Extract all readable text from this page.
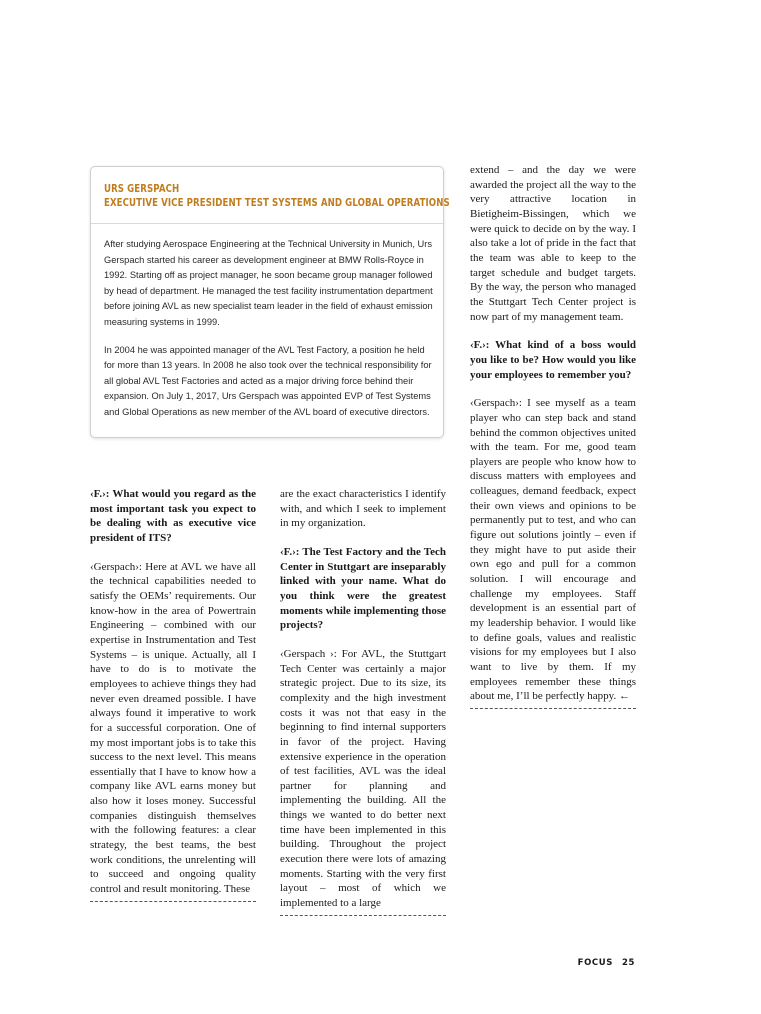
URS GERSPACH
EXECUTIVE VICE PRESIDENT TEST SYSTEMS AND GLOBAL OPERATIONS

After studying Aerospace Engineering at the Technical University in Munich, Urs Gerspach started his career as development engineer at BMW Rolls-Royce in 1992. Starting off as project manager, he soon became group manager followed by head of department. He managed the test facility instrumentation department before joining AVL as new specialist team leader in the field of exhaust emission measuring systems in 1999.

In 2004 he was appointed manager of the AVL Test Factory, a position he held for more than 13 years. In 2008 he also took over the technical responsibility for all global AVL Test Factories and acted as a major driving force behind their expansion. On July 1, 2017, Urs Gerspach was appointed EVP of Test Systems and Global Operations as new member of the AVL board of executive directors.

‹F.›: What would you regard as the most important task you expect to be dealing with as executive vice president of ITS?

‹Gerspach›: Here at AVL we have all the technical capabilities needed to satisfy the OEMs’ requirements. Our know-how in the area of Powertrain Engineering – combined with our expertise in Instrumentation and Test Systems – is unique. Actually, all I have to do is to motivate the employees to achieve things they had never even dreamed possible. I have always found it imperative to work for a successful corporation. One of my most important jobs is to take this success to the next level. This means essentially that I have to know how a company like AVL earns money but also how it loses money. Successful companies distinguish themselves with the following features: a clear strategy, the best teams, the best work conditions, the unrelenting will to succeed and ongoing quality control and result monitoring. These

are the exact characteristics I identify with, and which I seek to implement in my organization.

‹F.›: The Test Factory and the Tech Center in Stuttgart are inseparably linked with your name. What do you think were the greatest moments while implementing those projects?

‹Gerspach ›: For AVL, the Stuttgart Tech Center was certainly a major strategic project. Due to its size, its complexity and the high investment costs it was not that easy in the beginning to find internal supporters in favor of the project. Having extensive experience in the operation of test facilities, AVL was the ideal partner for planning and implementing the building. All the things we wanted to do better next time have been implemented in this building. Throughout the project execution there were lots of amazing moments. Starting with the very first layout – most of which we implemented to a large

extend – and the day we were awarded the project all the way to the very attractive location in Bietigheim-Bissingen, which we were quick to decide on by the way. I also take a lot of pride in the fact that the team was able to keep to the target schedule and budget targets. By the way, the person who managed the Stuttgart Tech Center project is now part of my management team.

‹F.›: What kind of a boss would you like to be? How would you like your employees to remember you?

‹Gerspach›: I see myself as a team player who can step back and stand behind the common objectives united with the team. For me, good team players are people who know how to discuss matters with employees and colleagues, demand feedback, expect their own views and opinions to be permanently put to test, and who can figure out solutions jointly – even if they might have to put aside their own ego and pull for a common solution. I will encourage and challenge my employees. Staff development is an essential part of my leadership behavior. I would like to define goals, values and realistic visions for my employees but I also want to live by them. If my employees remember these things about me, I’ll be perfectly happy. ←

FOCUS 25
